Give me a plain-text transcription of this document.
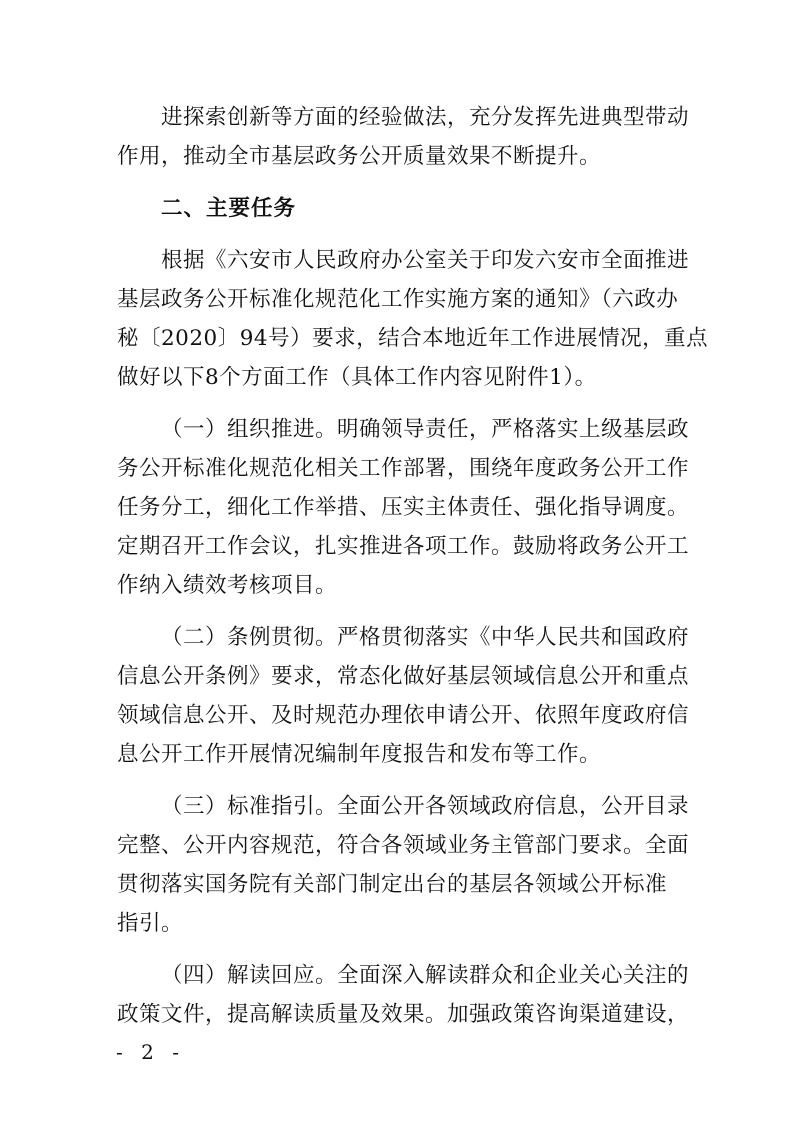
进探索创新等方面的经验做法，充分发挥先进典型带动
作用，推动全市基层政务公开质量效果不断提升。

二、主要任务

根据《六安市人民政府办公室关于印发六安市全面推进
基层政务公开标准化规范化工作实施方案的通知》（六政办
秘〔2020〕94号）要求，结合本地近年工作进展情况，重点
做好以下8个方面工作（具体工作内容见附件1）。

（一）组织推进。明确领导责任，严格落实上级基层政
务公开标准化规范化相关工作部署，围绕年度政务公开工作
任务分工，细化工作举措、压实主体责任、强化指导调度。
定期召开工作会议，扎实推进各项工作。鼓励将政务公开工
作纳入绩效考核项目。

（二）条例贯彻。严格贯彻落实《中华人民共和国政府
信息公开条例》要求，常态化做好基层领域信息公开和重点
领域信息公开、及时规范办理依申请公开、依照年度政府信
息公开工作开展情况编制年度报告和发布等工作。

（三）标准指引。全面公开各领域政府信息，公开目录
完整、公开内容规范，符合各领域业务主管部门要求。全面
贯彻落实国务院有关部门制定出台的基层各领域公开标准
指引。

（四）解读回应。全面深入解读群众和企业关心关注的
政策文件，提高解读质量及效果。加强政策咨询渠道建设，

- 2 -
